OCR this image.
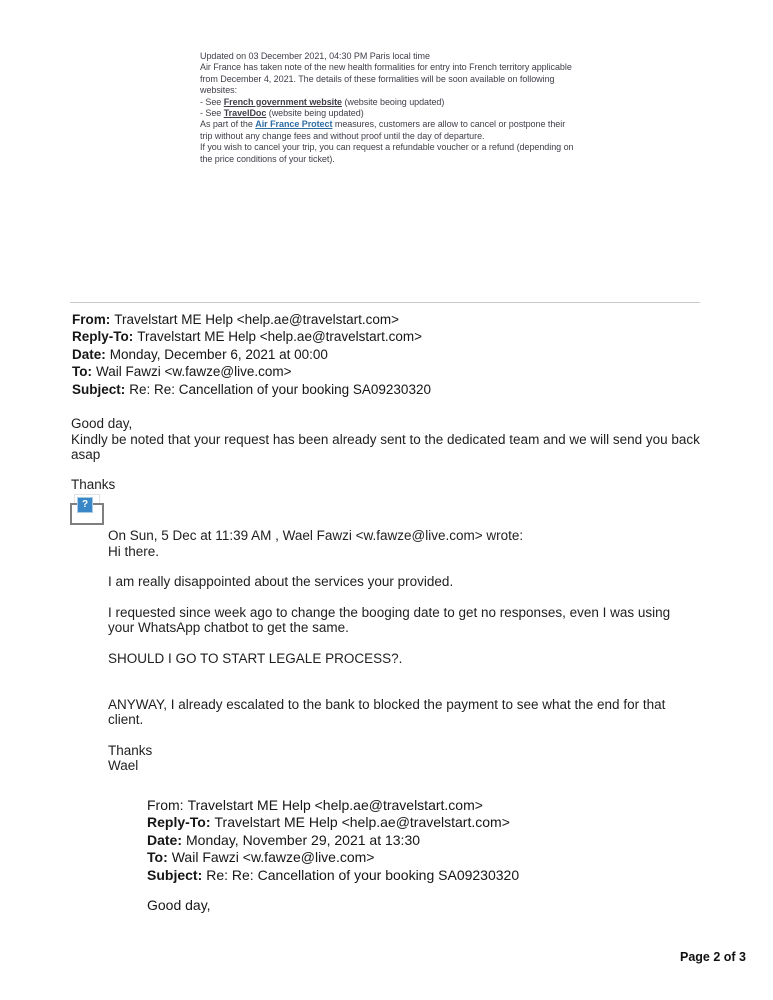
Updated on 03 December 2021, 04:30 PM Paris local time

Air France has taken note of the new health formalities for entry into French territory applicable from December 4, 2021. The details of these formalities will be soon available on following websites:

- See French government website (website beoing updated)

- See TravelDoc (website being updated)

As part of the Air France Protect measures, customers are allow to cancel or postpone their trip without any change fees and without proof until the day of departure.

If you wish to cancel your trip, you can request a refundable voucher or a refund (depending on the price conditions of your ticket).

From: Travelstart ME Help <help.ae@travelstart.com>
Reply-To: Travelstart ME Help <help.ae@travelstart.com>
Date: Monday, December 6, 2021 at 00:00
To: Wail Fawzi <w.fawze@live.com>
Subject: Re: Re: Cancellation of your booking SA09230320

Good day,

Kindly be noted that your request has been already sent to the dedicated team and we will send you back asap

Thanks

?

On Sun, 5 Dec at 11:39 AM , Wael Fawzi <w.fawze@live.com> wrote:

Hi there.

I am really disappointed about the services your provided.

I requested since week ago to change the booging date to get no responses, even I was using your WhatsApp chatbot to get the same.

SHOULD I GO TO START LEGALE PROCESS?.

ANYWAY, I already escalated to the bank to blocked the payment to see what the end for that client.

Thanks

Wael

From: Travelstart ME Help <help.ae@travelstart.com>
Reply-To: Travelstart ME Help <help.ae@travelstart.com>
Date: Monday, November 29, 2021 at 13:30
To: Wail Fawzi <w.fawze@live.com>
Subject: Re: Re: Cancellation of your booking SA09230320
Good day,
Page 2 of 3
